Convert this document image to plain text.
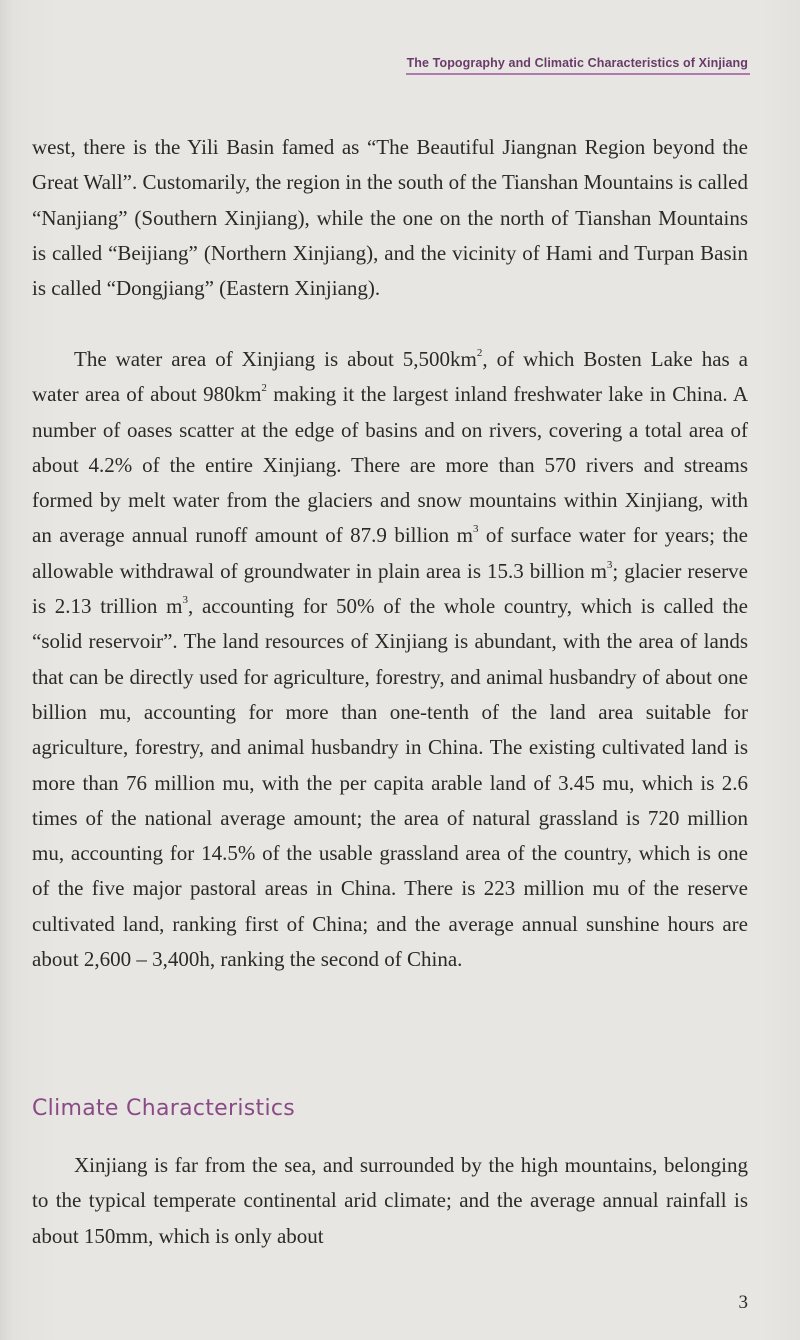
The Topography and Climatic Characteristics of Xinjiang

west, there is the Yili Basin famed as “The Beautiful Jiangnan Region beyond the Great Wall”. Customarily, the region in the south of the Tianshan Mountains is called “Nanjiang” (Southern Xinjiang), while the one on the north of Tianshan Mountains is called “Beijiang” (Northern Xinjiang), and the vicinity of Hami and Turpan Basin is called “Dongjiang” (Eastern Xinjiang).

The water area of Xinjiang is about $5,500km^2$, of which Bosten Lake has a water area of about $980km^2$ making it the largest inland freshwater lake in China. A number of oases scatter at the edge of basins and on rivers, covering a total area of about 4.2% of the entire Xinjiang. There are more than 570 rivers and streams formed by melt water from the glaciers and snow mountains within Xinjiang, with an average annual runoff amount of 87.9 billion $m^3$ of surface water for years; the allowable withdrawal of groundwater in plain area is 15.3 billion $m^3$; glacier reserve is 2.13 trillion $m^3$, accounting for 50% of the whole country, which is called the “solid reservoir”. The land resources of Xinjiang is abundant, with the area of lands that can be directly used for agriculture, forestry, and animal husbandry of about one billion mu, accounting for more than one-tenth of the land area suitable for agriculture, forestry, and animal husbandry in China. The existing cultivated land is more than 76 million mu, with the per capita arable land of 3.45 mu, which is 2.6 times of the national average amount; the area of natural grassland is 720 million mu, accounting for 14.5% of the usable grassland area of the country, which is one of the five major pastoral areas in China. There is 223 million mu of the reserve cultivated land, ranking first of China; and the average annual sunshine hours are about 2,600 – 3,400h, ranking the second of China.

Climate Characteristics

Xinjiang is far from the sea, and surrounded by the high mountains, belonging to the typical temperate continental arid climate; and the average annual rainfall is about 150mm, which is only about

3
